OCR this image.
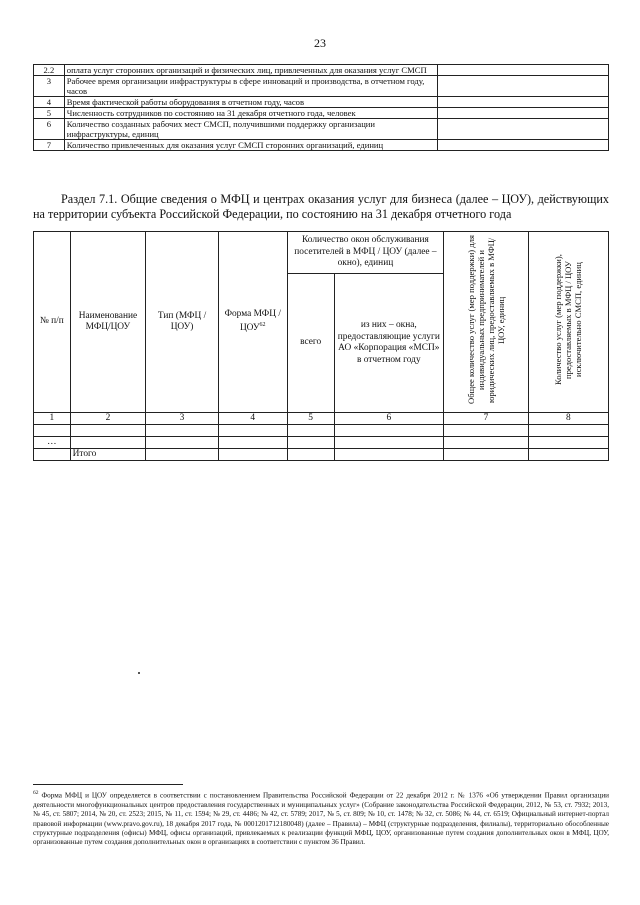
23
2.2	оплата услуг сторонних организаций и физических лиц, привлеченных для оказания услуг СМСП	
3	Рабочее время организации инфраструктуры в сфере инноваций и производства, в отчетном году, часов	
4	Время фактической работы оборудования в отчетном году, часов	
5	Численность сотрудников по состоянию на 31 декабря отчетного года, человек	
6	Количество созданных рабочих мест СМСП, получившими поддержку организации инфраструктуры, единиц	
7	Количество привлеченных для оказания услуг СМСП сторонних организаций, единиц	
Раздел 7.1. Общие сведения о МФЦ и центрах оказания услуг для бизнеса (далее – ЦОУ), действующих на территории субъекта Российской Федерации, по состоянию на 31 декабря отчетного года
№ п/п	Наименование МФЦ/ЦОУ	Тип (МФЦ / ЦОУ)	Форма МФЦ / ЦОУ$^{62}$	Количество окон обслуживания посетителей в МФЦ / ЦОУ (далее – окно), единиц		Общее количество услуг (мер поддержки) для индивидуальных предпринимателей и юридических лиц, предоставляемых в МФЦ/ЦОУ, единиц	Количество услуг (мер поддержки), предоставляемых в МФЦ / ЦОУ исключительно СМСП, единиц
				всего	из них – окна, предоставляющие услуги АО «Корпорация «МСП» в отчетном году		
1	2	3	4	5	6	7	8

…							
	Итого						
$^{62}$ Форма МФЦ и ЦОУ определяется в соответствии с постановлением Правительства Российской Федерации от 22 декабря 2012 г. № 1376 «Об утверждении Правил организации деятельности многофункциональных центров предоставления государственных и муниципальных услуг» (Собрание законодательства Российской Федерации, 2012, № 53, ст. 7932; 2013, № 45, ст. 5807; 2014, № 20, ст. 2523; 2015, № 11, ст. 1594; № 29, ст. 4486; № 42, ст. 5789; 2017, № 5, ст. 809; № 10, ст. 1478; № 32, ст. 5086; № 44, ст. 6519; Официальный интернет-портал правовой информации (www.pravo.gov.ru), 18 декабря 2017 года, № 0001201712180048) (далее – Правила) – МФЦ (структурные подразделения, филиалы), территориально обособленные структурные подразделения (офисы) МФЦ, офисы организаций, привлекаемых к реализации функций МФЦ, ЦОУ, организованные путем создания дополнительных окон в МФЦ, ЦОУ, организованные путем создания дополнительных окон в организациях в соответствии с пунктом 36 Правил.
